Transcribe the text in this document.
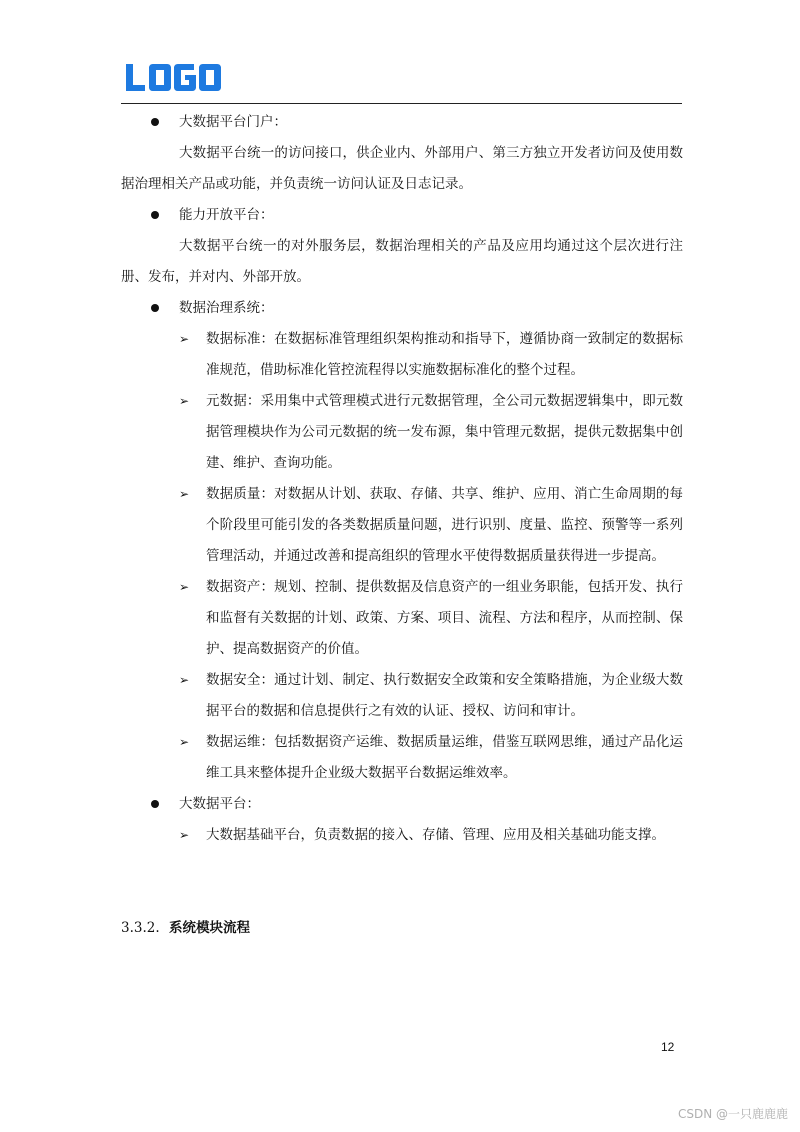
大数据平台门户：
大数据平台统一的访问接口，供企业内、外部用户、第三方独立开发者访问及使用数据治理相关产品或功能，并负责统一访问认证及日志记录。
能力开放平台：
大数据平台统一的对外服务层，数据治理相关的产品及应用均通过这个层次进行注册、发布，并对内、外部开放。
数据治理系统：
➢ 数据标准：在数据标准管理组织架构推动和指导下，遵循协商一致制定的数据标准规范，借助标准化管控流程得以实施数据标准化的整个过程。
➢ 元数据：采用集中式管理模式进行元数据管理，全公司元数据逻辑集中，即元数据管理模块作为公司元数据的统一发布源，集中管理元数据，提供元数据集中创建、维护、查询功能。
➢ 数据质量：对数据从计划、获取、存储、共享、维护、应用、消亡生命周期的每个阶段里可能引发的各类数据质量问题，进行识别、度量、监控、预警等一系列管理活动，并通过改善和提高组织的管理水平使得数据质量获得进一步提高。
➢ 数据资产：规划、控制、提供数据及信息资产的一组业务职能，包括开发、执行和监督有关数据的计划、政策、方案、项目、流程、方法和程序，从而控制、保护、提高数据资产的价值。
➢ 数据安全：通过计划、制定、执行数据安全政策和安全策略措施，为企业级大数据平台的数据和信息提供行之有效的认证、授权、访问和审计。
➢ 数据运维：包括数据资产运维、数据质量运维，借鉴互联网思维，通过产品化运维工具来整体提升企业级大数据平台数据运维效率。
大数据平台：
➢ 大数据基础平台，负责数据的接入、存储、管理、应用及相关基础功能支撑。
3.3.2. 系统模块流程
12
CSDN @一只鹿鹿鹿
